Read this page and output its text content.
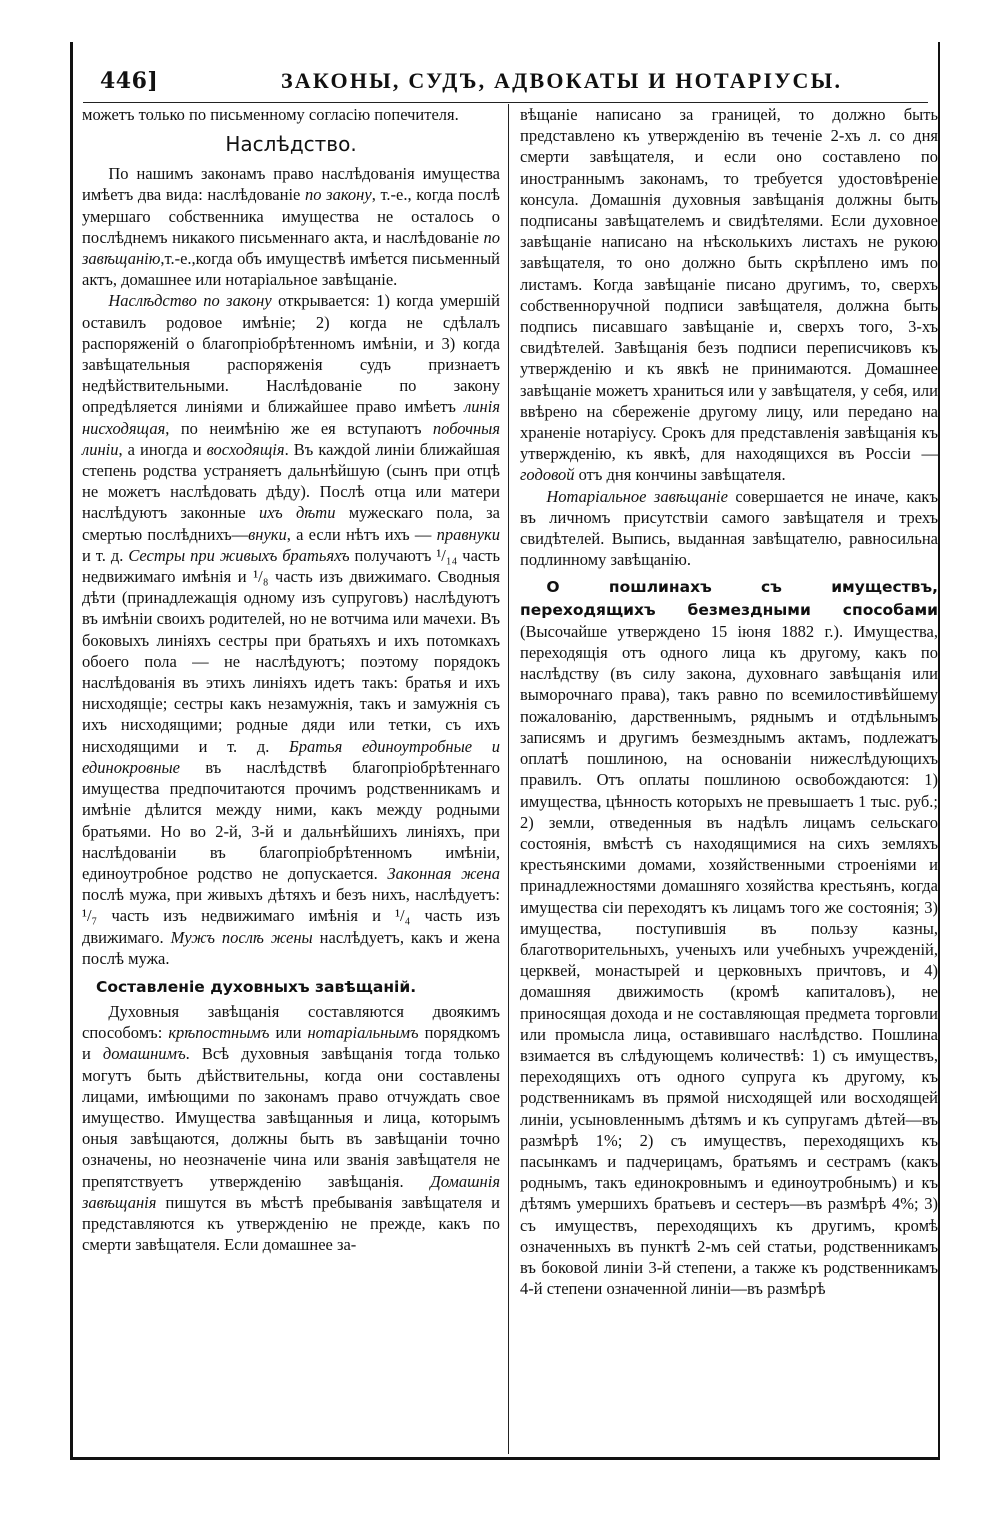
446]	ЗАКОНЫ, СУДЪ, АДВОКАТЫ И НОТАРІУСЫ.

можетъ только по письменному согласію попечителя.

Наслѣдство.

По нашимъ законамъ право наслѣдованія имущества имѣетъ два вида: наслѣдованіе по закону, т.-е., когда послѣ умершаго собственника имущества не осталось о послѣднемъ никакого письменнаго акта, и наслѣдованіе по завѣщанію,т.-е.,когда объ имуществѣ имѣется письменный актъ, домашнее или нотаріальное завѣщаніе.

Наслѣдство по закону открывается: 1) когда умершій оставилъ родовое имѣніе; 2) когда не сдѣлалъ распоряженій о благопріобрѣтенномъ имѣніи, и 3) когда завѣщательныя распоряженія судъ признаетъ недѣйствительными. Наслѣдованіе по закону опредѣляется линіями и ближайшее право имѣетъ линія нисходящая, по неимѣнію же ея вступаютъ побочныя линіи, а иногда и восходящія. Въ каждой линіи ближайшая степень родства устраняетъ дальнѣйшую (сынъ при отцѣ не можетъ наслѣдовать дѣду). Послѣ отца или матери наслѣдуютъ законные ихъ дѣти мужескаго пола, за смертью послѣднихъ—внуки, а если нѣтъ ихъ — правнуки и т. д. Сестры при живыхъ братьяхъ получаютъ ¹/₁₄ часть недвижимаго имѣнія и ¹/₈ часть изъ движимаго. Сводныя дѣти (принадлежащія одному изъ супруговъ) наслѣдуютъ въ имѣніи своихъ родителей, но не вотчима или мачехи. Въ боковыхъ линіяхъ сестры при братьяхъ и ихъ потомкахъ обоего пола — не наслѣдуютъ; поэтому порядокъ наслѣдованія въ этихъ линіяхъ идетъ такъ: братья и ихъ нисходящіе; сестры какъ незамужнія, такъ и замужнія съ ихъ нисходящими; родные дяди или тетки, съ ихъ нисходящими и т. д. Братья единоутробные и единокровные въ наслѣдствѣ благопріобрѣтеннаго имущества предпочитаются прочимъ родственникамъ и имѣніе дѣлится между ними, какъ между родными братьями. Но во 2-й, 3-й и дальнѣйшихъ линіяхъ, при наслѣдованіи въ благопріобрѣтенномъ имѣніи, единоутробное родство не допускается. Законная жена послѣ мужа, при живыхъ дѣтяхъ и безъ нихъ, наслѣдуетъ: ¹/₇ часть изъ недвижимаго имѣнія и ¹/₄ часть изъ движимаго. Мужъ послѣ жены наслѣдуетъ, какъ и жена послѣ мужа.

Составленіе духовныхъ завѣщаній.

Духовныя завѣщанія составляются двоякимъ способомъ: крѣпостнымъ или нотаріальнымъ порядкомъ и домашнимъ. Всѣ духовныя завѣщанія тогда только могутъ быть дѣйствительны, когда они составлены лицами, имѣющими по законамъ право отчуждать свое имущество. Имущества завѣщанныя и лица, которымъ оныя завѣщаются, должны быть въ завѣщаніи точно означены, но неозначеніе чина или званія завѣщателя не препятствуетъ утвержденію завѣщанія. Домашнія завѣщанія пишутся въ мѣстѣ пребыванія завѣщателя и представляются къ утвержденію не прежде, какъ по смерти завѣщателя. Если домашнее за-

вѣщаніе написано за границей, то должно быть представлено къ утвержденію въ теченіе 2-хъ л. со дня смерти завѣщателя, и если оно составлено по иностраннымъ законамъ, то требуется удостовѣреніе консула. Домашнія духовныя завѣщанія должны быть подписаны завѣщателемъ и свидѣтелями. Если духовное завѣщаніе написано на нѣсколькихъ листахъ не рукою завѣщателя, то оно должно быть скрѣплено имъ по листамъ. Когда завѣщаніе писано другимъ, то, сверхъ собственноручной подписи завѣщателя, должна быть подпись писавшаго завѣщаніе и, сверхъ того, 3-хъ свидѣтелей. Завѣщанія безъ подписи переписчиковъ къ утвержденію и къ явкѣ не принимаются. Домашнее завѣщаніе можетъ храниться или у завѣщателя, у себя, или ввѣрено на сбереженіе другому лицу, или передано на храненіе нотаріусу. Срокъ для представленія завѣщанія къ утвержденію, къ явкѣ, для находящихся въ Россіи — годовой отъ дня кончины завѣщателя.

Нотаріальное завѣщаніе совершается не иначе, какъ въ личномъ присутствіи самого завѣщателя и трехъ свидѣтелей. Выпись, выданная завѣщателю, равносильна подлинному завѣщанію.

О пошлинахъ съ имуществъ, переходящихъ безмездными способами (Высочайше утверждено 15 іюня 1882 г.). Имущества, переходящія отъ одного лица къ другому, какъ по наслѣдству (въ силу закона, духовнаго завѣщанія или выморочнаго права), такъ равно по всемилостивѣйшему пожалованію, дарственнымъ, ряднымъ и отдѣльнымъ записямъ и другимъ безмезднымъ актамъ, подлежатъ оплатѣ пошлиною, на основаніи нижеслѣдующихъ правилъ. Отъ оплаты пошлиною освобождаются: 1) имущества, цѣнность которыхъ не превышаетъ 1 тыс. руб.; 2) земли, отведенныя въ надѣлъ лицамъ сельскаго состоянія, вмѣстѣ съ находящимися на сихъ земляхъ крестьянскими домами, хозяйственными строеніями и принадлежностями домашняго хозяйства крестьянъ, когда имущества сіи переходятъ къ лицамъ того же состоянія; 3) имущества, поступившія въ пользу казны, благотворительныхъ, ученыхъ или учебныхъ учрежденій, церквей, монастырей и церковныхъ причтовъ, и 4) домашняя движимость (кромѣ капиталовъ), не приносящая дохода и не составляющая предмета торговли или промысла лица, оставившаго наслѣдство. Пошлина взимается въ слѣдующемъ количествѣ: 1) съ имуществъ, переходящихъ отъ одного супруга къ другому, къ родственникамъ въ прямой нисходящей или восходящей линіи, усыновленнымъ дѣтямъ и къ супругамъ дѣтей—въ размѣрѣ 1%; 2) съ имуществъ, переходящихъ къ пасынкамъ и падчерицамъ, братьямъ и сестрамъ (какъ роднымъ, такъ единокровнымъ и единоутробнымъ) и къ дѣтямъ умершихъ братьевъ и сестеръ—въ размѣрѣ 4%; 3) съ имуществъ, переходящихъ къ другимъ, кромѣ означенныхъ въ пунктѣ 2-мъ сей статьи, родственникамъ въ боковой линіи 3-й степени, а также къ родственникамъ 4-й степени означенной линіи—въ размѣрѣ
